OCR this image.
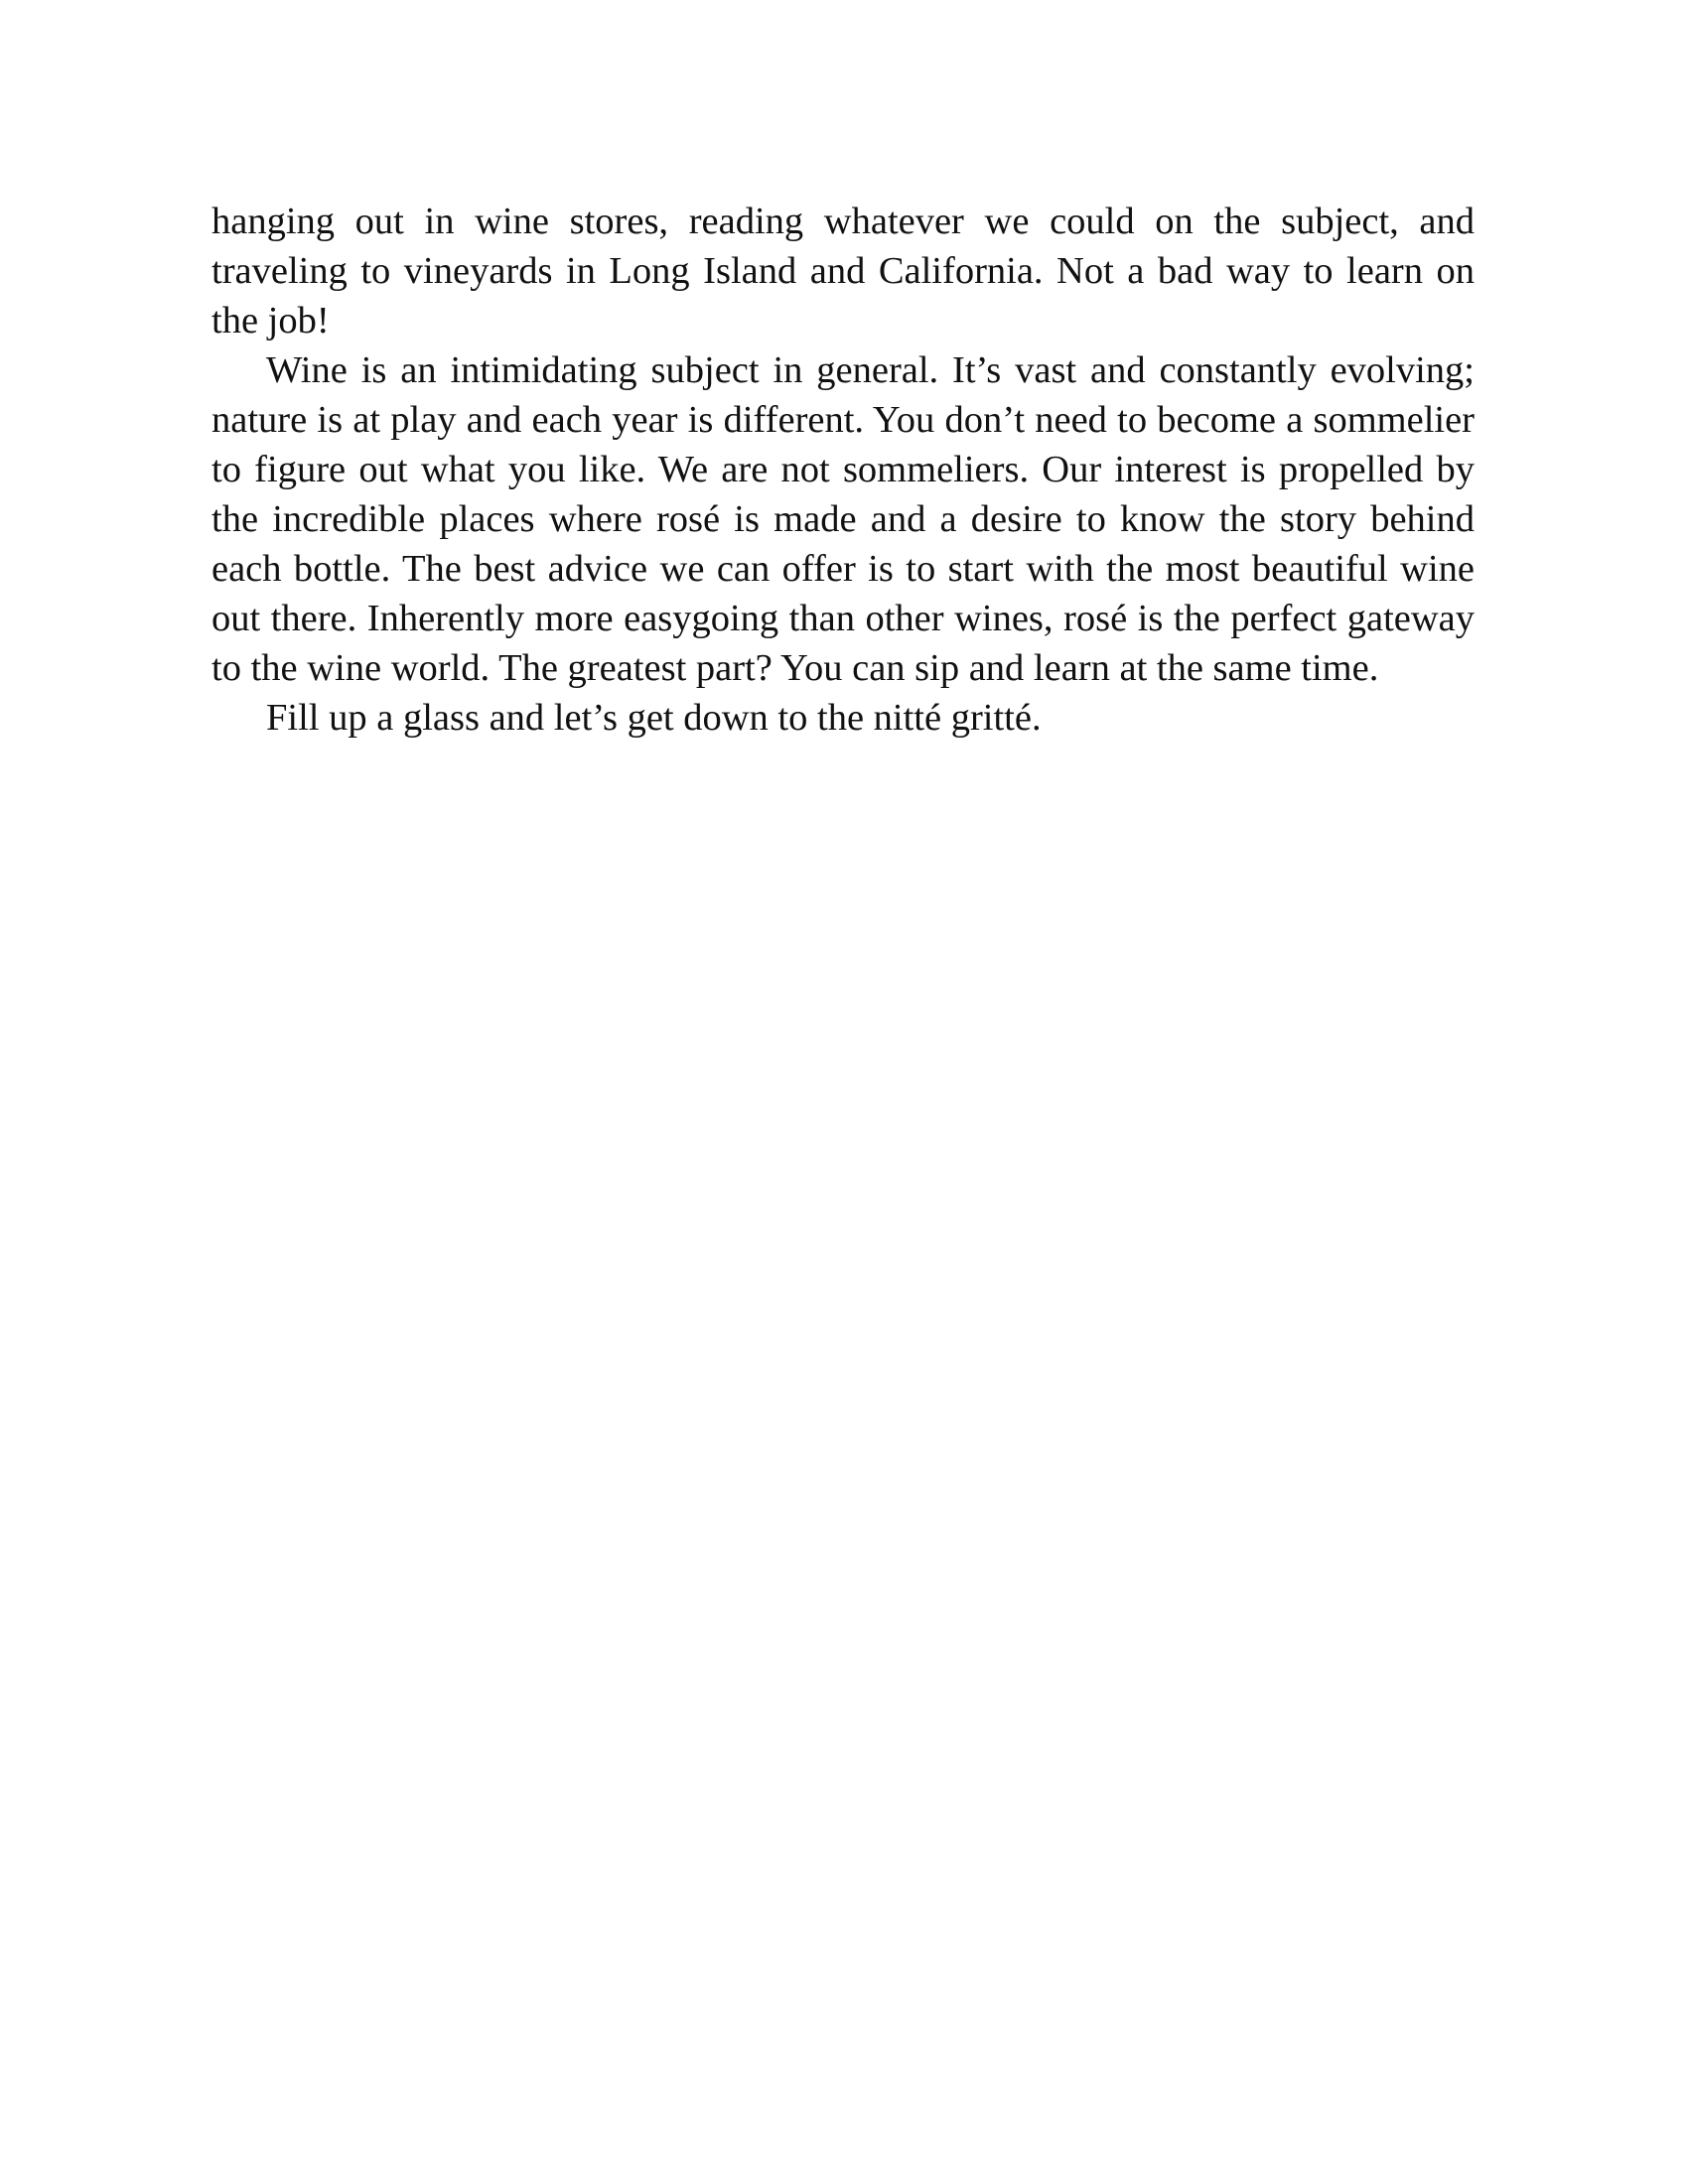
hanging out in wine stores, reading whatever we could on the subject, and traveling to vineyards in Long Island and California. Not a bad way to learn on the job!

Wine is an intimidating subject in general. It’s vast and constantly evolving; nature is at play and each year is different. You don’t need to become a sommelier to figure out what you like. We are not sommeliers. Our interest is propelled by the incredible places where rosé is made and a desire to know the story behind each bottle. The best advice we can offer is to start with the most beautiful wine out there. Inherently more easygoing than other wines, rosé is the perfect gateway to the wine world. The greatest part? You can sip and learn at the same time.

Fill up a glass and let’s get down to the nitté gritté.
